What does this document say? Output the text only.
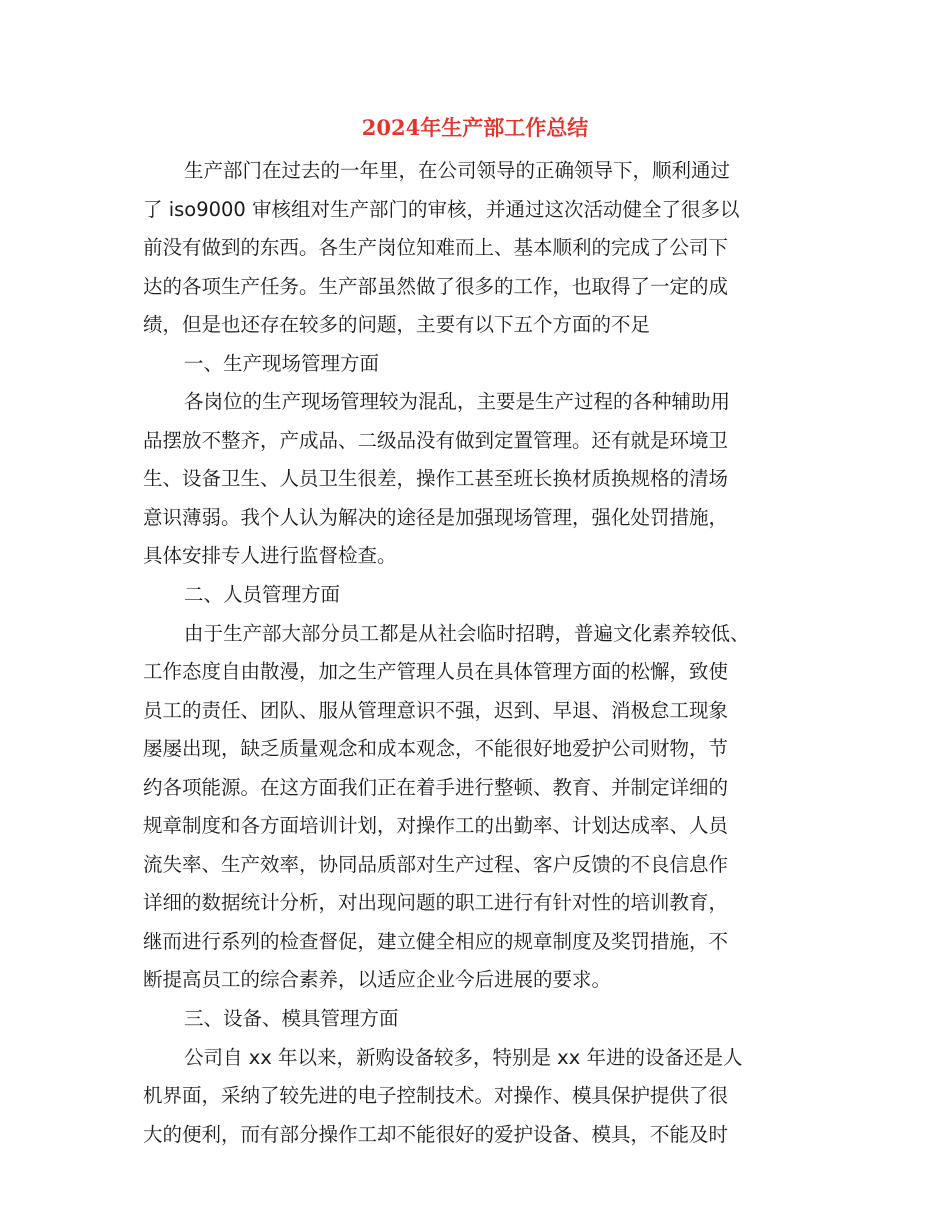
2024年生产部工作总结

生产部门在过去的一年里，在公司领导的正确领导下，顺利通过

了 iso9000 审核组对生产部门的审核，并通过这次活动健全了很多以

前没有做到的东西。各生产岗位知难而上、基本顺利的完成了公司下

达的各项生产任务。生产部虽然做了很多的工作，也取得了一定的成

绩，但是也还存在较多的问题，主要有以下五个方面的不足

一、生产现场管理方面

各岗位的生产现场管理较为混乱，主要是生产过程的各种辅助用

品摆放不整齐，产成品、二级品没有做到定置管理。还有就是环境卫

生、设备卫生、人员卫生很差，操作工甚至班长换材质换规格的清场

意识薄弱。我个人认为解决的途径是加强现场管理，强化处罚措施，

具体安排专人进行监督检查。

二、人员管理方面

由于生产部大部分员工都是从社会临时招聘，普遍文化素养较低、

工作态度自由散漫，加之生产管理人员在具体管理方面的松懈，致使

员工的责任、团队、服从管理意识不强，迟到、早退、消极怠工现象

屡屡出现，缺乏质量观念和成本观念，不能很好地爱护公司财物，节

约各项能源。在这方面我们正在着手进行整顿、教育、并制定详细的

规章制度和各方面培训计划，对操作工的出勤率、计划达成率、人员

流失率、生产效率，协同品质部对生产过程、客户反馈的不良信息作

详细的数据统计分析，对出现问题的职工进行有针对性的培训教育，

继而进行系列的检查督促，建立健全相应的规章制度及奖罚措施，不

断提高员工的综合素养，以适应企业今后进展的要求。

三、设备、模具管理方面

公司自 xx 年以来，新购设备较多，特别是 xx 年进的设备还是人

机界面，采纳了较先进的电子控制技术。对操作、模具保护提供了很

大的便利，而有部分操作工却不能很好的爱护设备、模具，不能及时
